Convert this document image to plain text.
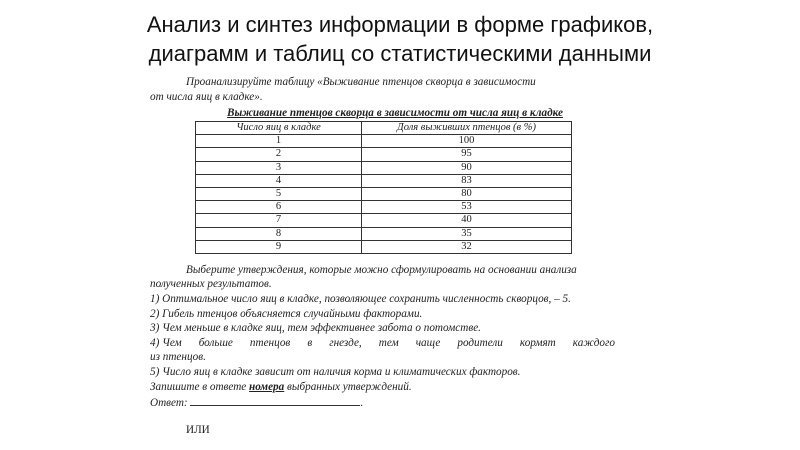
Анализ и синтез информации в форме графиков,
диаграмм и таблиц со статистическими данными

Проанализируйте таблицу «Выживание птенцов скворца в зависимости
от числа яиц в кладке».

Выживание птенцов скворца в зависимости от числа яиц в кладке
Число яиц в кладке	Доля выживших птенцов (в %)
1	100
2	95
3	90
4	83
5	80
6	53
7	40
8	35
9	32
Выберите утверждения, которые можно сформулировать на основании анализа
полученных результатов.
1) Оптимальное число яиц в кладке, позволяющее сохранить численность скворцов, – 5.
2) Гибель птенцов объясняется случайными факторами.
3) Чем меньше в кладке яиц, тем эффективнее забота о потомстве.
4) Чем больше птенцов в гнезде, тем чаще родители кормят каждого
из птенцов.
5) Число яиц в кладке зависит от наличия корма и климатических факторов.
Запишите в ответе номера выбранных утверждений.
Ответ:	.
ИЛИ
